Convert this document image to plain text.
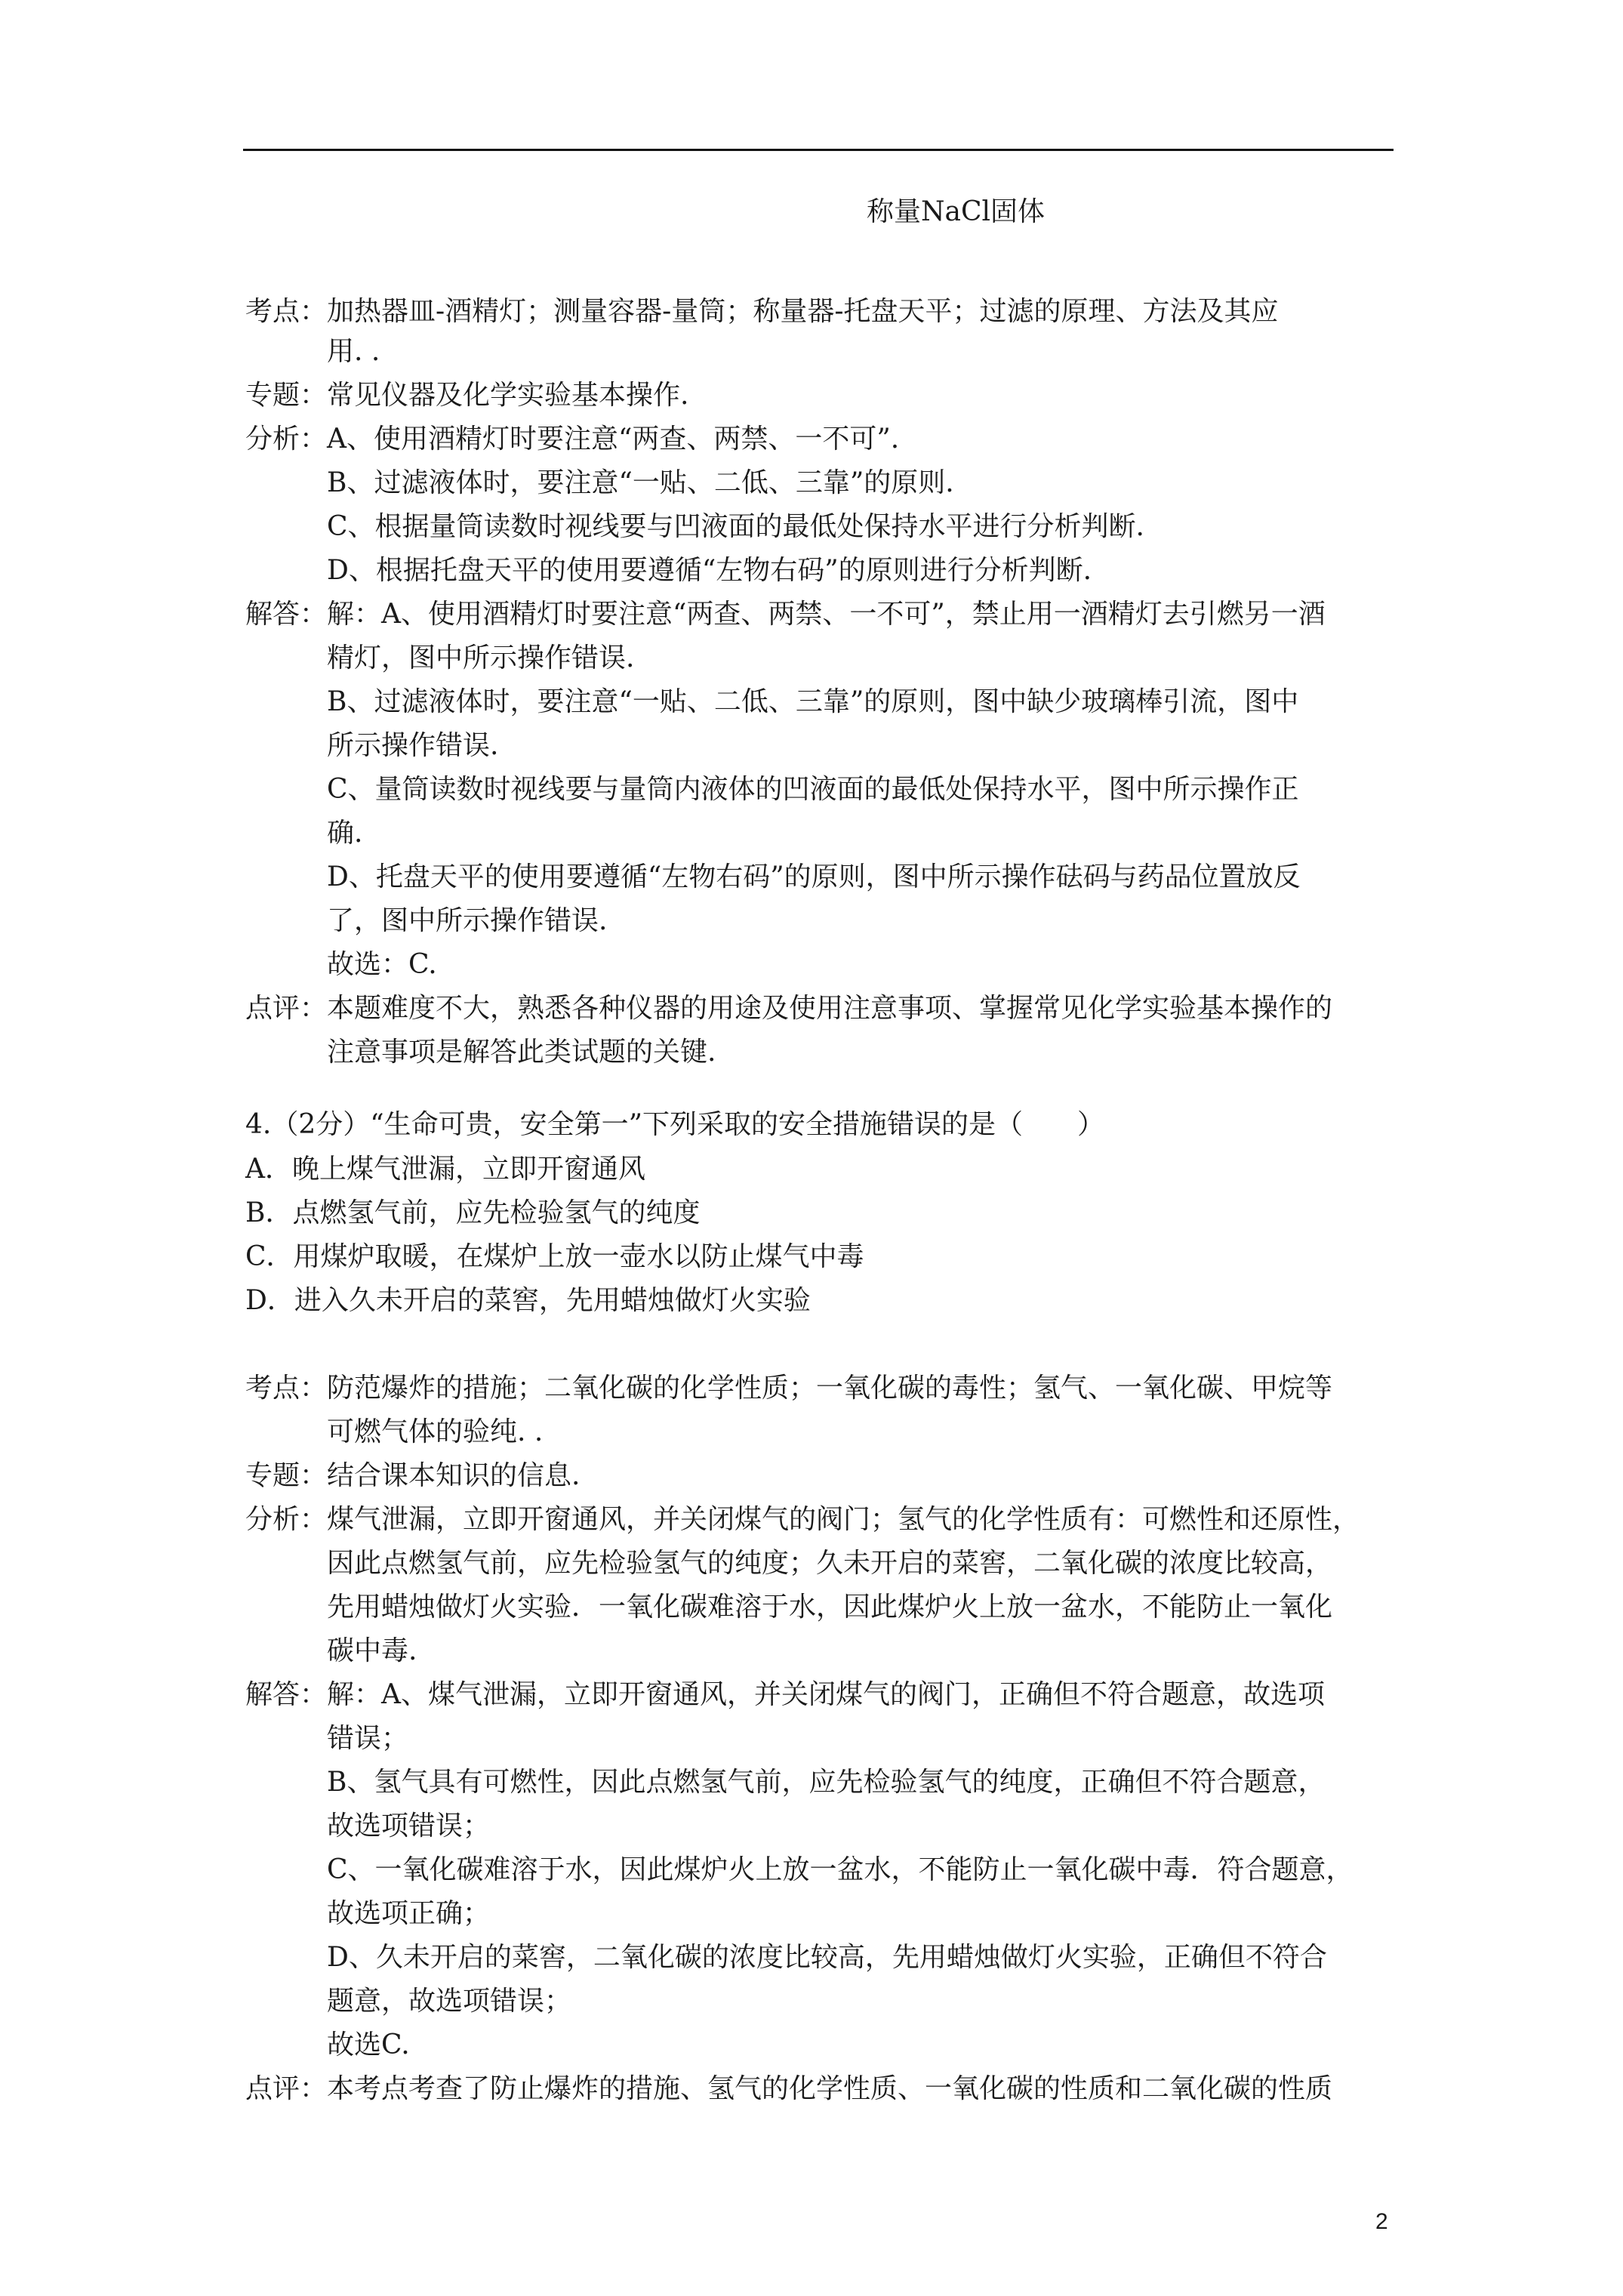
称量NaCl固体
考点：加热器皿-酒精灯；测量容器-量筒；称量器-托盘天平；过滤的原理、方法及其应
用. .
专题：常见仪器及化学实验基本操作.
分析：A、使用酒精灯时要注意“两查、两禁、一不可”.
B、过滤液体时，要注意“一贴、二低、三靠”的原则.
C、根据量筒读数时视线要与凹液面的最低处保持水平进行分析判断.
D、根据托盘天平的使用要遵循“左物右码”的原则进行分析判断.
解答：解：A、使用酒精灯时要注意“两查、两禁、一不可”，禁止用一酒精灯去引燃另一酒
精灯，图中所示操作错误.
B、过滤液体时，要注意“一贴、二低、三靠”的原则，图中缺少玻璃棒引流，图中
所示操作错误.
C、量筒读数时视线要与量筒内液体的凹液面的最低处保持水平，图中所示操作正
确.
D、托盘天平的使用要遵循“左物右码”的原则，图中所示操作砝码与药品位置放反
了，图中所示操作错误.
故选：C.
点评：本题难度不大，熟悉各种仪器的用途及使用注意事项、掌握常见化学实验基本操作的
注意事项是解答此类试题的关键.
4.（2分）“生命可贵，安全第一”下列采取的安全措施错误的是（　　）
A．晚上煤气泄漏，立即开窗通风
B．点燃氢气前，应先检验氢气的纯度
C．用煤炉取暖，在煤炉上放一壶水以防止煤气中毒
D．进入久未开启的菜窖，先用蜡烛做灯火实验
考点：防范爆炸的措施；二氧化碳的化学性质；一氧化碳的毒性；氢气、一氧化碳、甲烷等
可燃气体的验纯. .
专题：结合课本知识的信息.
分析：煤气泄漏，立即开窗通风，并关闭煤气的阀门；氢气的化学性质有：可燃性和还原性，
因此点燃氢气前，应先检验氢气的纯度；久未开启的菜窖，二氧化碳的浓度比较高，
先用蜡烛做灯火实验．一氧化碳难溶于水，因此煤炉火上放一盆水，不能防止一氧化
碳中毒.
解答：解：A、煤气泄漏，立即开窗通风，并关闭煤气的阀门，正确但不符合题意，故选项
错误；
B、氢气具有可燃性，因此点燃氢气前，应先检验氢气的纯度，正确但不符合题意，
故选项错误；
C、一氧化碳难溶于水，因此煤炉火上放一盆水，不能防止一氧化碳中毒．符合题意，
故选项正确；
D、久未开启的菜窖，二氧化碳的浓度比较高，先用蜡烛做灯火实验，正确但不符合
题意，故选项错误；
故选C.
点评：本考点考查了防止爆炸的措施、氢气的化学性质、一氧化碳的性质和二氧化碳的性质
2
